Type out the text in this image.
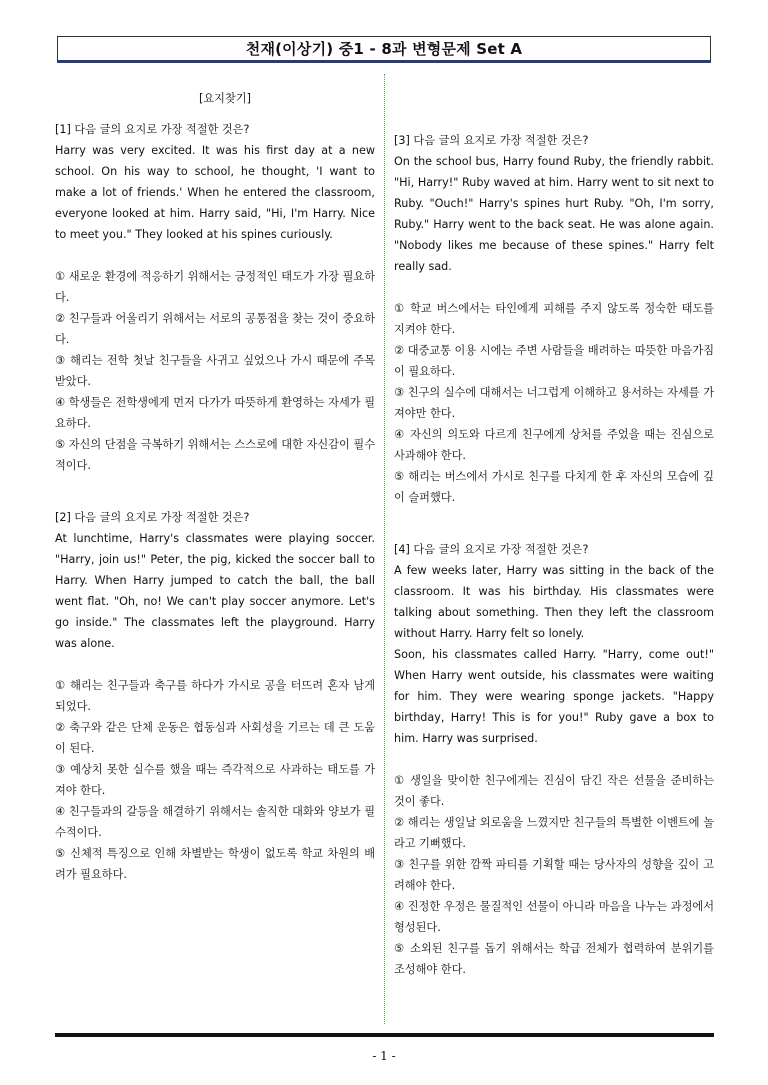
천재(이상기) 중1 - 8과 변형문제 Set A
[요지찾기]
[1] 다음 글의 요지로 가장 적절한 것은?
Harry was very excited. It was his first day at a new school. On his way to school, he thought, 'I want to make a lot of friends.' When he entered the classroom, everyone looked at him. Harry said, "Hi, I'm Harry. Nice to meet you." They looked at his spines curiously.
① 새로운 환경에 적응하기 위해서는 긍정적인 태도가 가장 필요하다.
② 친구들과 어울리기 위해서는 서로의 공통점을 찾는 것이 중요하다.
③ 해리는 전학 첫날 친구들을 사귀고 싶었으나 가시 때문에 주목받았다.
④ 학생들은 전학생에게 먼저 다가가 따뜻하게 환영하는 자세가 필요하다.
⑤ 자신의 단점을 극복하기 위해서는 스스로에 대한 자신감이 필수적이다.
[2] 다음 글의 요지로 가장 적절한 것은?
At lunchtime, Harry's classmates were playing soccer. "Harry, join us!" Peter, the pig, kicked the soccer ball to Harry. When Harry jumped to catch the ball, the ball went flat. "Oh, no! We can't play soccer anymore. Let's go inside." The classmates left the playground. Harry was alone.
① 해리는 친구들과 축구를 하다가 가시로 공을 터뜨려 혼자 남게 되었다.
② 축구와 같은 단체 운동은 협동심과 사회성을 기르는 데 큰 도움이 된다.
③ 예상치 못한 실수를 했을 때는 즉각적으로 사과하는 태도를 가져야 한다.
④ 친구들과의 갈등을 해결하기 위해서는 솔직한 대화와 양보가 필수적이다.
⑤ 신체적 특징으로 인해 차별받는 학생이 없도록 학교 차원의 배려가 필요하다.
[3] 다음 글의 요지로 가장 적절한 것은?
On the school bus, Harry found Ruby, the friendly rabbit. "Hi, Harry!" Ruby waved at him. Harry went to sit next to Ruby. "Ouch!" Harry's spines hurt Ruby. "Oh, I'm sorry, Ruby." Harry went to the back seat. He was alone again. "Nobody likes me because of these spines." Harry felt really sad.
① 학교 버스에서는 타인에게 피해를 주지 않도록 정숙한 태도를 지켜야 한다.
② 대중교통 이용 시에는 주변 사람들을 배려하는 따뜻한 마음가짐이 필요하다.
③ 친구의 실수에 대해서는 너그럽게 이해하고 용서하는 자세를 가져야만 한다.
④ 자신의 의도와 다르게 친구에게 상처를 주었을 때는 진심으로 사과해야 한다.
⑤ 해리는 버스에서 가시로 친구를 다치게 한 후 자신의 모습에 깊이 슬퍼했다.
[4] 다음 글의 요지로 가장 적절한 것은?
A few weeks later, Harry was sitting in the back of the classroom. It was his birthday. His classmates were talking about something. Then they left the classroom without Harry. Harry felt so lonely.
Soon, his classmates called Harry. "Harry, come out!" When Harry went outside, his classmates were waiting for him. They were wearing sponge jackets. "Happy birthday, Harry! This is for you!" Ruby gave a box to him. Harry was surprised.
① 생일을 맞이한 친구에게는 진심이 담긴 작은 선물을 준비하는 것이 좋다.
② 해리는 생일날 외로움을 느꼈지만 친구들의 특별한 이벤트에 놀라고 기뻐했다.
③ 친구를 위한 깜짝 파티를 기획할 때는 당사자의 성향을 깊이 고려해야 한다.
④ 진정한 우정은 물질적인 선물이 아니라 마음을 나누는 과정에서 형성된다.
⑤ 소외된 친구를 돕기 위해서는 학급 전체가 협력하여 분위기를 조성해야 한다.
- 1 -
